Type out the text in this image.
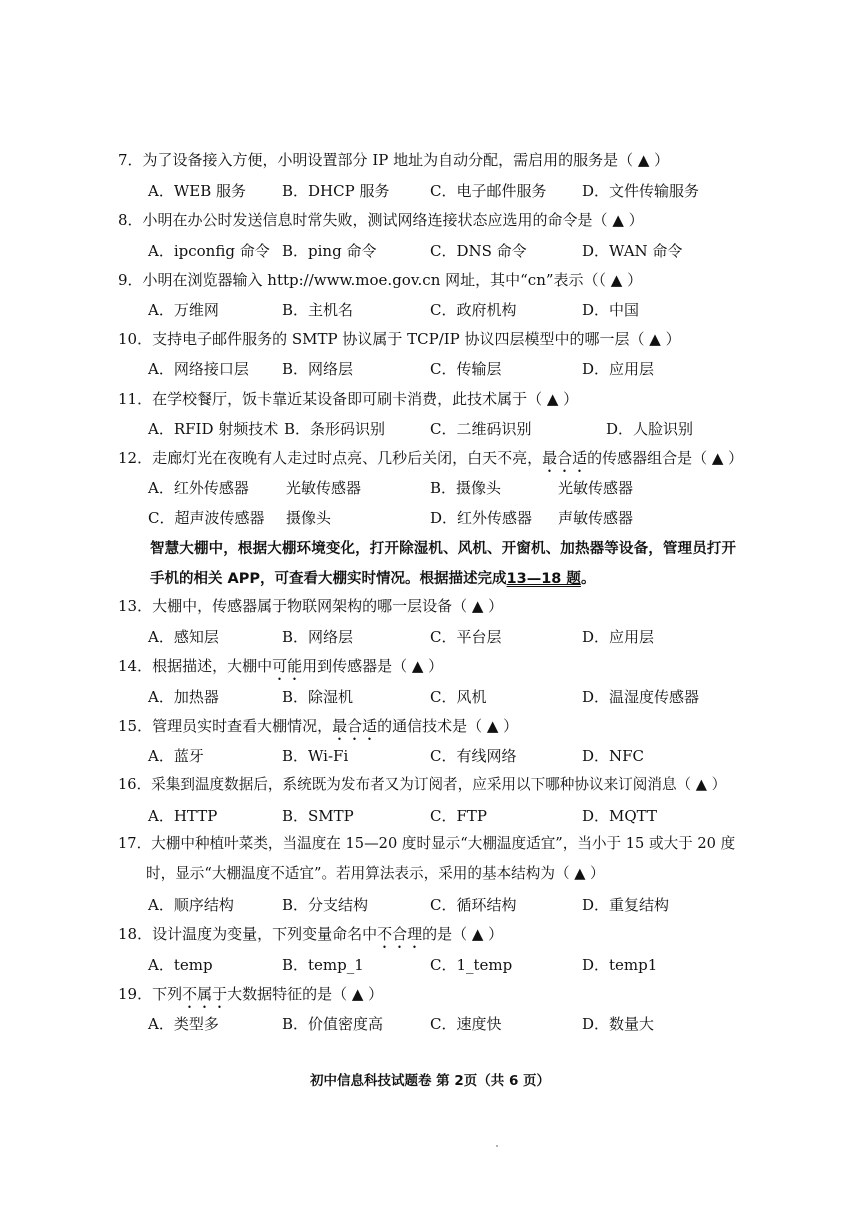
7．为了设备接入方便，小明设置部分 IP 地址为自动分配，需启用的服务是（ ▲ ）
A．WEB 服务 B．DHCP 服务	C．电子邮件服务 D．文件传输服务
8．小明在办公时发送信息时常失败，测试网络连接状态应选用的命令是（ ▲ ）
A．ipconfig 命令 B．ping 命令	C．DNS 命令	D．WAN 命令
9．小明在浏览器输入 http://www.moe.gov.cn 网址，其中“cn”表示（（ ▲ ）
A．万维网	B．主机名	C．政府机构	D．中国
10．支持电子邮件服务的 SMTP 协议属于 TCP/IP 协议四层模型中的哪一层（ ▲ ）
A．网络接口层 B．网络层	C．传输层	D．应用层
11．在学校餐厅，饭卡靠近某设备即可刷卡消费，此技术属于（ ▲ ）
A．RFID 射频技术 B．条形码识别	C．二维码识别	D．人脸识别
12．走廊灯光在夜晚有人走过时点亮、几秒后关闭，白天不亮，最合适的传感器组合是（ ▲ ）
A．红外传感器 光敏传感器	B．摄像头	光敏传感器
C．超声波传感器 摄像头	D．红外传感器 声敏传感器
智慧大棚中，根据大棚环境变化，打开除湿机、风机、开窗机、加热器等设备，管理员打开手机的相关 APP，可查看大棚实时情况。根据描述完成13—18 题。
13．大棚中，传感器属于物联网架构的哪一层设备（ ▲ ）
A．感知层	B．网络层	C．平台层	D．应用层
14．根据描述，大棚中可能用到传感器是（ ▲ ）
A．加热器	B．除湿机	C．风机	D．温湿度传感器
15．管理员实时查看大棚情况，最合适的通信技术是（ ▲ ）
A．蓝牙	B．Wi-Fi	C．有线网络	D．NFC
16．采集到温度数据后，系统既为发布者又为订阅者，应采用以下哪种协议来订阅消息（ ▲ ）
A．HTTP	B．SMTP	C．FTP	D．MQTT
17．大棚中种植叶菜类，当温度在 15—20 度时显示“大棚温度适宜”，当小于 15 或大于 20 度时，显示“大棚温度不适宜”。若用算法表示，采用的基本结构为（ ▲ ）
A．顺序结构	B．分支结构	C．循环结构	D．重复结构
18．设计温度为变量，下列变量命名中不合理的是（ ▲ ）
A．temp	B．temp_1	C．1_temp	D．temp1
19．下列不属于大数据特征的是（ ▲ ）
A．类型多	B．价值密度高	C．速度快	D．数量大
初中信息科技试题卷 第 2页（共 6 页）
